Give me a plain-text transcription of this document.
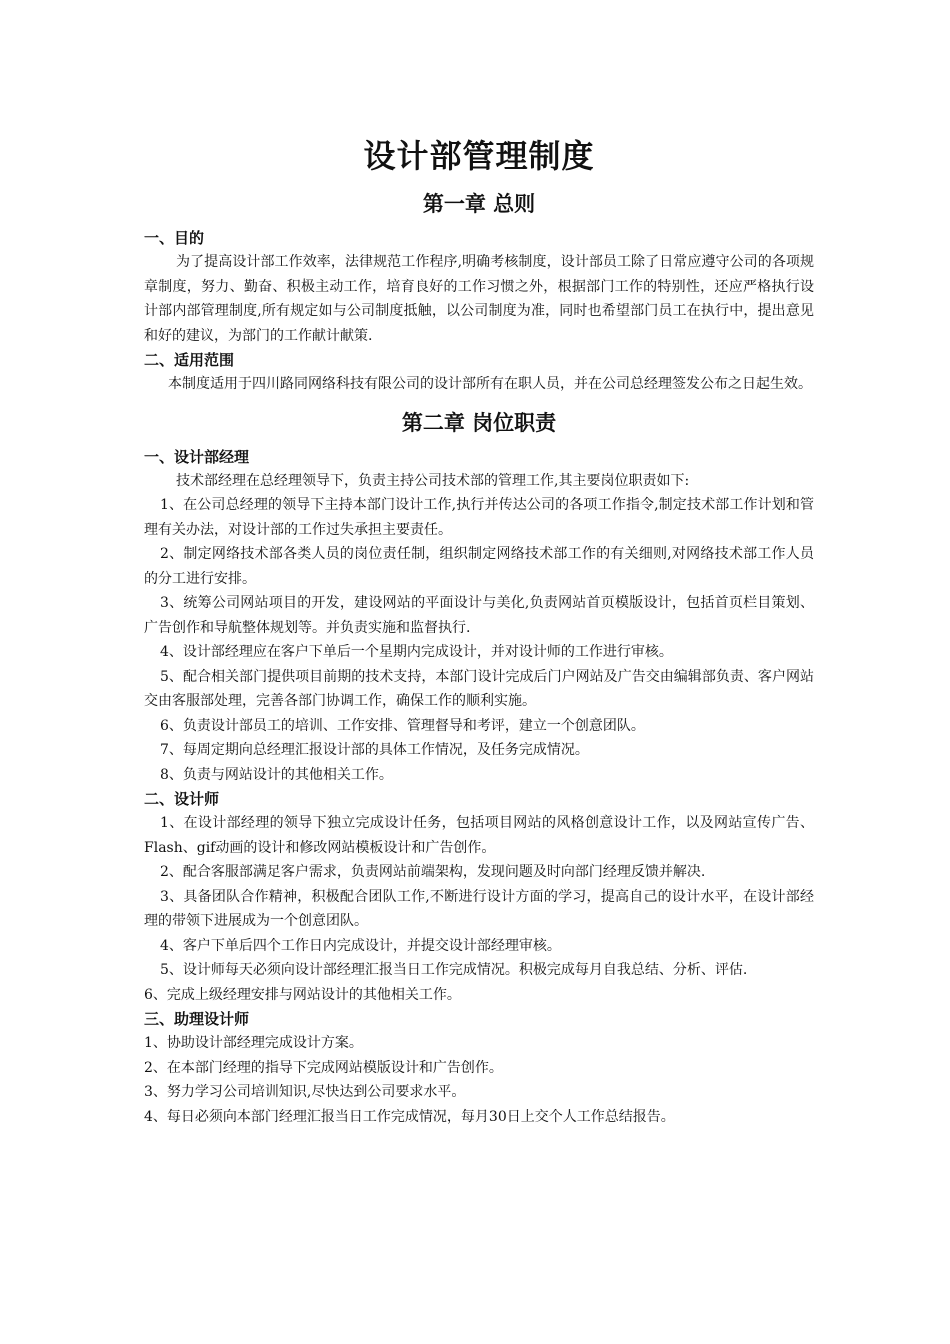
设计部管理制度
第一章 总则
一、目的

为了提高设计部工作效率，法律规范工作程序,明确考核制度，设计部员工除了日常应遵守公司的各项规章制度，努力、勤奋、积极主动工作，培育良好的工作习惯之外，根据部门工作的特别性，还应严格执行设计部内部管理制度,所有规定如与公司制度抵触，以公司制度为准，同时也希望部门员工在执行中，提出意见和好的建议，为部门的工作献计献策.

二、适用范围

本制度适用于四川路同网络科技有限公司的设计部所有在职人员，并在公司总经理签发公布之日起生效。

第二章 岗位职责
一、设计部经理

技术部经理在总经理领导下，负责主持公司技术部的管理工作,其主要岗位职责如下:

1、在公司总经理的领导下主持本部门设计工作,执行并传达公司的各项工作指令,制定技术部工作计划和管理有关办法，对设计部的工作过失承担主要责任。

2、制定网络技术部各类人员的岗位责任制，组织制定网络技术部工作的有关细则,对网络技术部工作人员的分工进行安排。

3、统筹公司网站项目的开发，建设网站的平面设计与美化,负责网站首页模版设计，包括首页栏目策划、广告创作和导航整体规划等。并负责实施和监督执行.

4、设计部经理应在客户下单后一个星期内完成设计，并对设计师的工作进行审核。

5、配合相关部门提供项目前期的技术支持，本部门设计完成后门户网站及广告交由编辑部负责、客户网站交由客服部处理，完善各部门协调工作，确保工作的顺利实施。

6、负责设计部员工的培训、工作安排、管理督导和考评，建立一个创意团队。

7、每周定期向总经理汇报设计部的具体工作情况，及任务完成情况。

8、负责与网站设计的其他相关工作。

二、设计师

1、在设计部经理的领导下独立完成设计任务，包括项目网站的风格创意设计工作，以及网站宣传广告、Flash、gif动画的设计和修改网站模板设计和广告创作。

2、配合客服部满足客户需求，负责网站前端架构，发现问题及时向部门经理反馈并解决.

3、具备团队合作精神，积极配合团队工作,不断进行设计方面的学习，提高自己的设计水平，在设计部经理的带领下进展成为一个创意团队。

4、客户下单后四个工作日内完成设计，并提交设计部经理审核。

5、设计师每天必须向设计部经理汇报当日工作完成情况。积极完成每月自我总结、分析、评估.

6、完成上级经理安排与网站设计的其他相关工作。

三、助理设计师

1、协助设计部经理完成设计方案。

2、在本部门经理的指导下完成网站模版设计和广告创作。

3、努力学习公司培训知识,尽快达到公司要求水平。

4、每日必须向本部门经理汇报当日工作完成情况，每月30日上交个人工作总结报告。
